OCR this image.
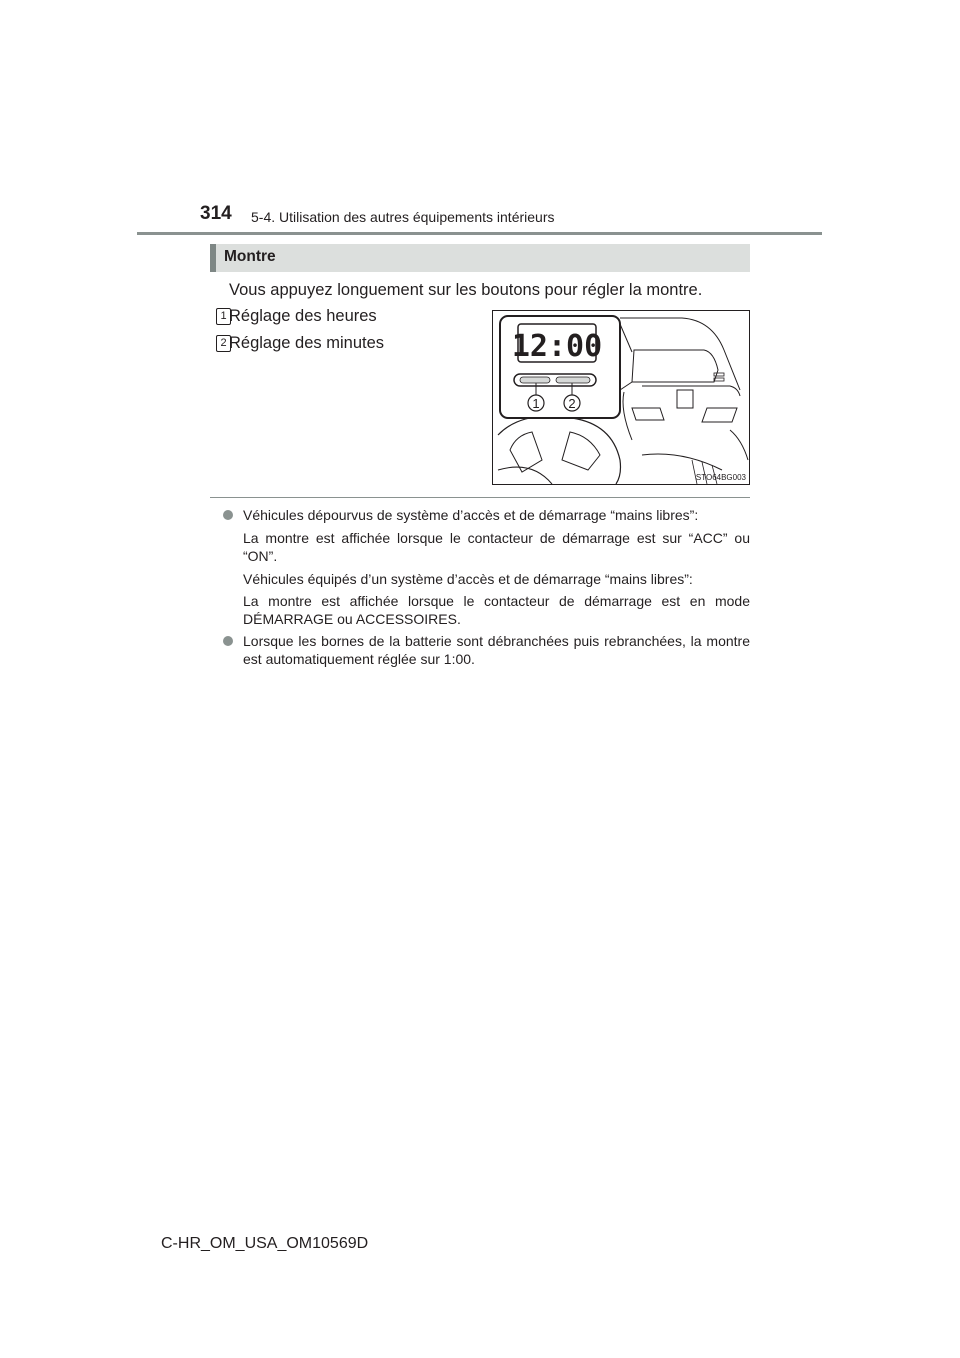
314 5-4. Utilisation des autres équipements intérieurs
Montre
Vous appuyez longuement sur les boutons pour régler la montre.
1 Réglage des heures
2 Réglage des minutes	12:00
1 2
STO64BG003
Véhicules dépourvus de système d’accès et de démarrage “mains libres”:
La montre est affichée lorsque le contacteur de démarrage est sur “ACC” ou “ON”.
Véhicules équipés d’un système d’accès et de démarrage “mains libres”:
La montre est affichée lorsque le contacteur de démarrage est en mode DÉMARRAGE ou ACCESSOIRES.
Lorsque les bornes de la batterie sont débranchées puis rebranchées, la montre est automatiquement réglée sur 1:00.
C-HR_OM_USA_OM10569D
